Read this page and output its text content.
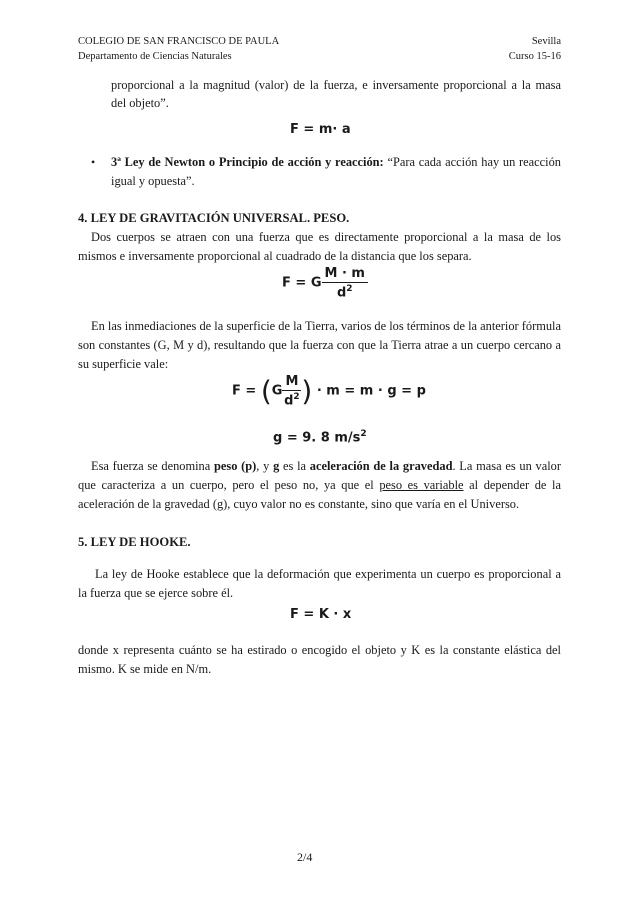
COLEGIO DE SAN FRANCISCO DE PAULA
Departamento de Ciencias Naturales
Sevilla
Curso 15-16

proporcional a la magnitud (valor) de la fuerza, e inversamente proporcional a la masa

del objeto”.

F = m· a
• 3ª Ley de Newton o Principio de acción y reacción: “Para cada acción hay un reacción igual y opuesta”.

4. LEY DE GRAVITACIÓN UNIVERSAL. PESO.

Dos cuerpos se atraen con una fuerza que es directamente proporcional a la masa de los mismos e inversamente proporcional al cuadrado de la distancia que los separa.

F = G $\frac{M \cdot m}{d^2}$

En las inmediaciones de la superficie de la Tierra, varios de los términos de la anterior fórmula son constantes (G, M y d), resultando que la fuerza con que la Tierra atrae a un cuerpo cercano a su superficie vale:

$F = (G \frac{M}{d^2}$ ) · m = m · g = p
g = 9. 8 $m/s^2$

Esa fuerza se denomina peso (p), y g es la aceleración de la gravedad. La masa es un valor que caracteriza a un cuerpo, pero el peso no, ya que el peso es variable al depender de la aceleración de la gravedad (g), cuyo valor no es constante, sino que varía en el Universo.

5. LEY DE HOOKE.

La ley de Hooke establece que la deformación que experimenta un cuerpo es proporcional a la fuerza que se ejerce sobre él.

F = K · x

donde x representa cuánto se ha estirado o encogido el objeto y K es la constante elástica del mismo. K se mide en N/m.

2/4
